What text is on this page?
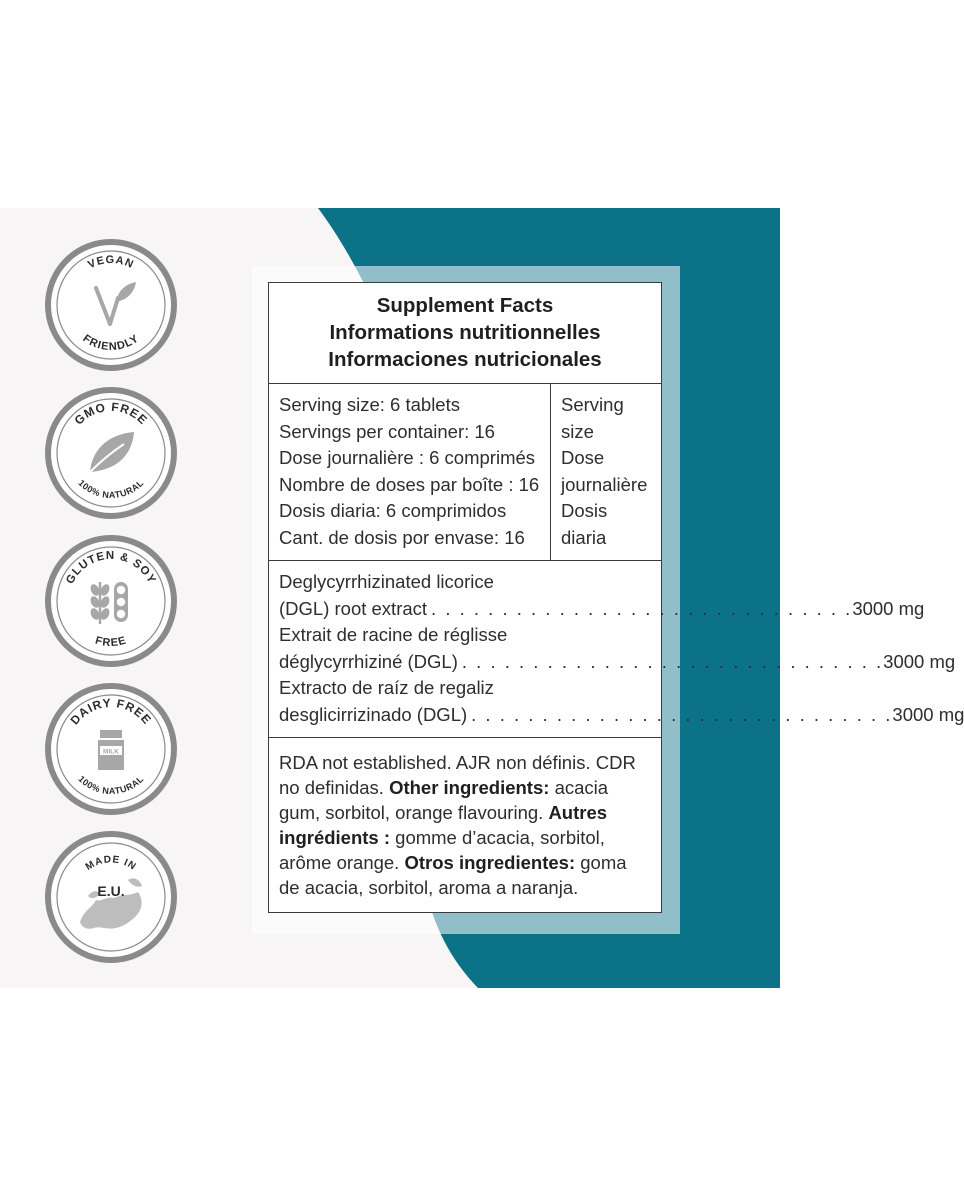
VEGAN
FRIENDLY
GMO FREE
100% NATURAL
GLUTEN & SOY
FREE
DAIRY FREE
100% NATURAL
MILK
MADE IN
E.U.
Supplement Facts
Informations nutritionnelles
Informaciones nutricionales
Serving size: 6 tablets
Servings per container: 16
Dose journalière : 6 comprimés
Nombre de doses par boîte : 16
Dosis diaria: 6 comprimidos
Cant. de dosis por envase: 16
Serving
size
Dose
journalière
Dosis
diaria
Deglycyrrhizinated licorice
(DGL) root extract . . . . . . . . . . . . . . . . . . . . . . . . . . . . . . 3000 mg
Extrait de racine de réglisse
déglycyrrhiziné (DGL) . . . . . . . . . . . . . . . . . . . . . . . . . . . . . . 3000 mg
Extracto de raíz de regaliz
desglicirrizinado (DGL) . . . . . . . . . . . . . . . . . . . . . . . . . . . . . . 3000 mg
RDA not established. AJR non définis. CDR no definidas. Other ingredients: acacia gum, sorbitol, orange flavouring. Autres ingrédients : gomme d’acacia, sorbitol, arôme orange. Otros ingredientes: goma de acacia, sorbitol, aroma a naranja.
